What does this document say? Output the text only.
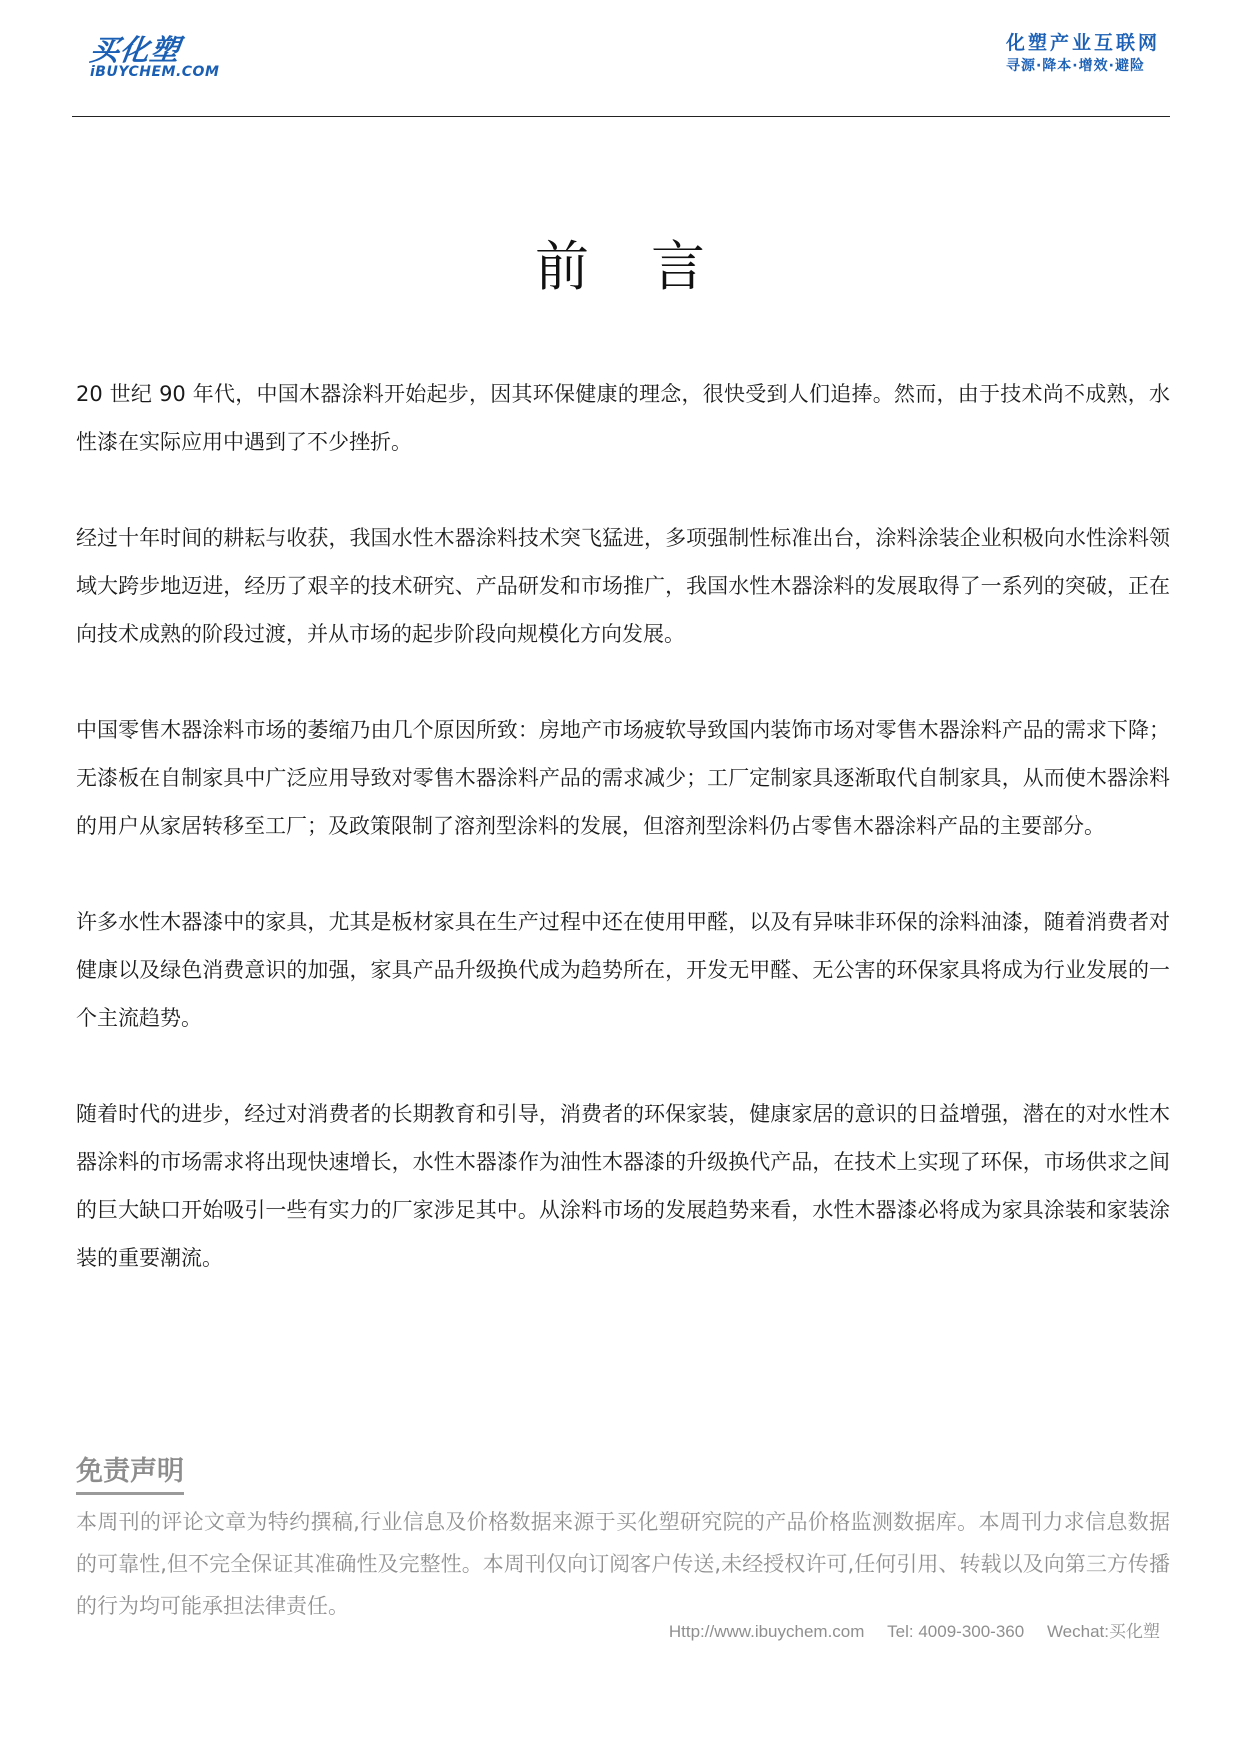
买化塑
iBUYCHEM.COM
化塑产业互联网
寻源·降本·增效·避险
前言

20 世纪 90 年代，中国木器涂料开始起步，因其环保健康的理念，很快受到人们追捧。然而，由于技术尚不成熟，水性漆在实际应用中遇到了不少挫折。

经过十年时间的耕耘与收获，我国水性木器涂料技术突飞猛进，多项强制性标准出台，涂料涂装企业积极向水性涂料领域大跨步地迈进，经历了艰辛的技术研究、产品研发和市场推广，我国水性木器涂料的发展取得了一系列的突破，正在向技术成熟的阶段过渡，并从市场的起步阶段向规模化方向发展。

中国零售木器涂料市场的萎缩乃由几个原因所致：房地产市场疲软导致国内装饰市场对零售木器涂料产品的需求下降；无漆板在自制家具中广泛应用导致对零售木器涂料产品的需求减少；工厂定制家具逐渐取代自制家具，从而使木器涂料的用户从家居转移至工厂；及政策限制了溶剂型涂料的发展，但溶剂型涂料仍占零售木器涂料产品的主要部分。

许多水性木器漆中的家具，尤其是板材家具在生产过程中还在使用甲醛，以及有异味非环保的涂料油漆，随着消费者对健康以及绿色消费意识的加强，家具产品升级换代成为趋势所在，开发无甲醛、无公害的环保家具将成为行业发展的一个主流趋势。

随着时代的进步，经过对消费者的长期教育和引导，消费者的环保家装，健康家居的意识的日益增强，潜在的对水性木器涂料的市场需求将出现快速增长，水性木器漆作为油性木器漆的升级换代产品，在技术上实现了环保，市场供求之间的巨大缺口开始吸引一些有实力的厂家涉足其中。从涂料市场的发展趋势来看，水性木器漆必将成为家具涂装和家装涂装的重要潮流。

免责声明
本周刊的评论文章为特约撰稿,行业信息及价格数据来源于买化塑研究院的产品价格监测数据库。本周刊力求信息数据的可靠性,但不完全保证其准确性及完整性。本周刊仅向订阅客户传送,未经授权许可,任何引用、转载以及向第三方传播的行为均可能承担法律责任。
Http://www.ibuychem.com Tel: 4009-300-360 Wechat:买化塑
